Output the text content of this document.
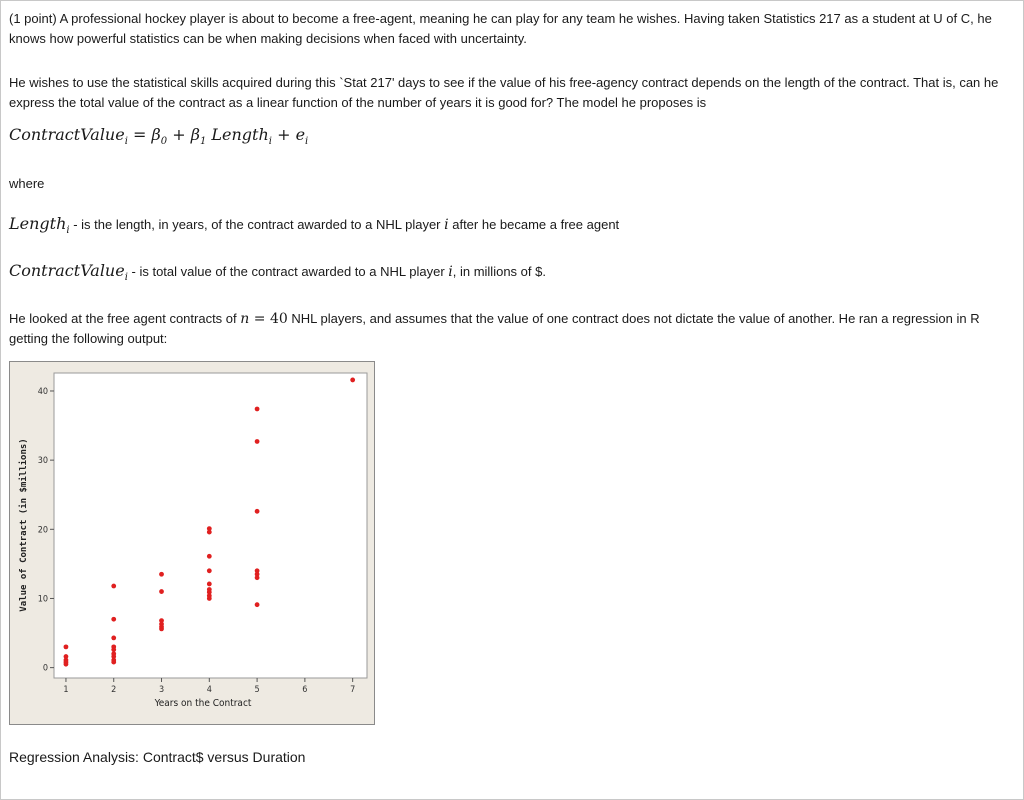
(1 point) A professional hockey player is about to become a free-agent, meaning he can play for any team he wishes. Having taken Statistics 217 as a student at U of C, he knows how powerful statistics can be when making decisions when faced with uncertainty.

He wishes to use the statistical skills acquired during this `Stat 217' days to see if the value of his free-agency contract depends on the length of the contract. That is, can he express the total value of the contract as a linear function of the number of years it is good for? The model he proposes is

ContractValue$_i$ = $\beta_0 + \beta_1$ Length$_i$ + $e_i$

where

Length$_i$ - is the length, in years, of the contract awarded to a NHL player i after he became a free agent

ContractValue$_i$ - is total value of the contract awarded to a NHL player i, in millions of $.

He looked at the free agent contracts of n = 40 NHL players, and assumes that the value of one contract does not dictate the value of another. He ran a regression in R getting the following output:

0
10
20
30
40
1	2	3	4	5	6	7
Years on the Contract
Value of Contract (in $millions)

Regression Analysis: Contract$ versus Duration
